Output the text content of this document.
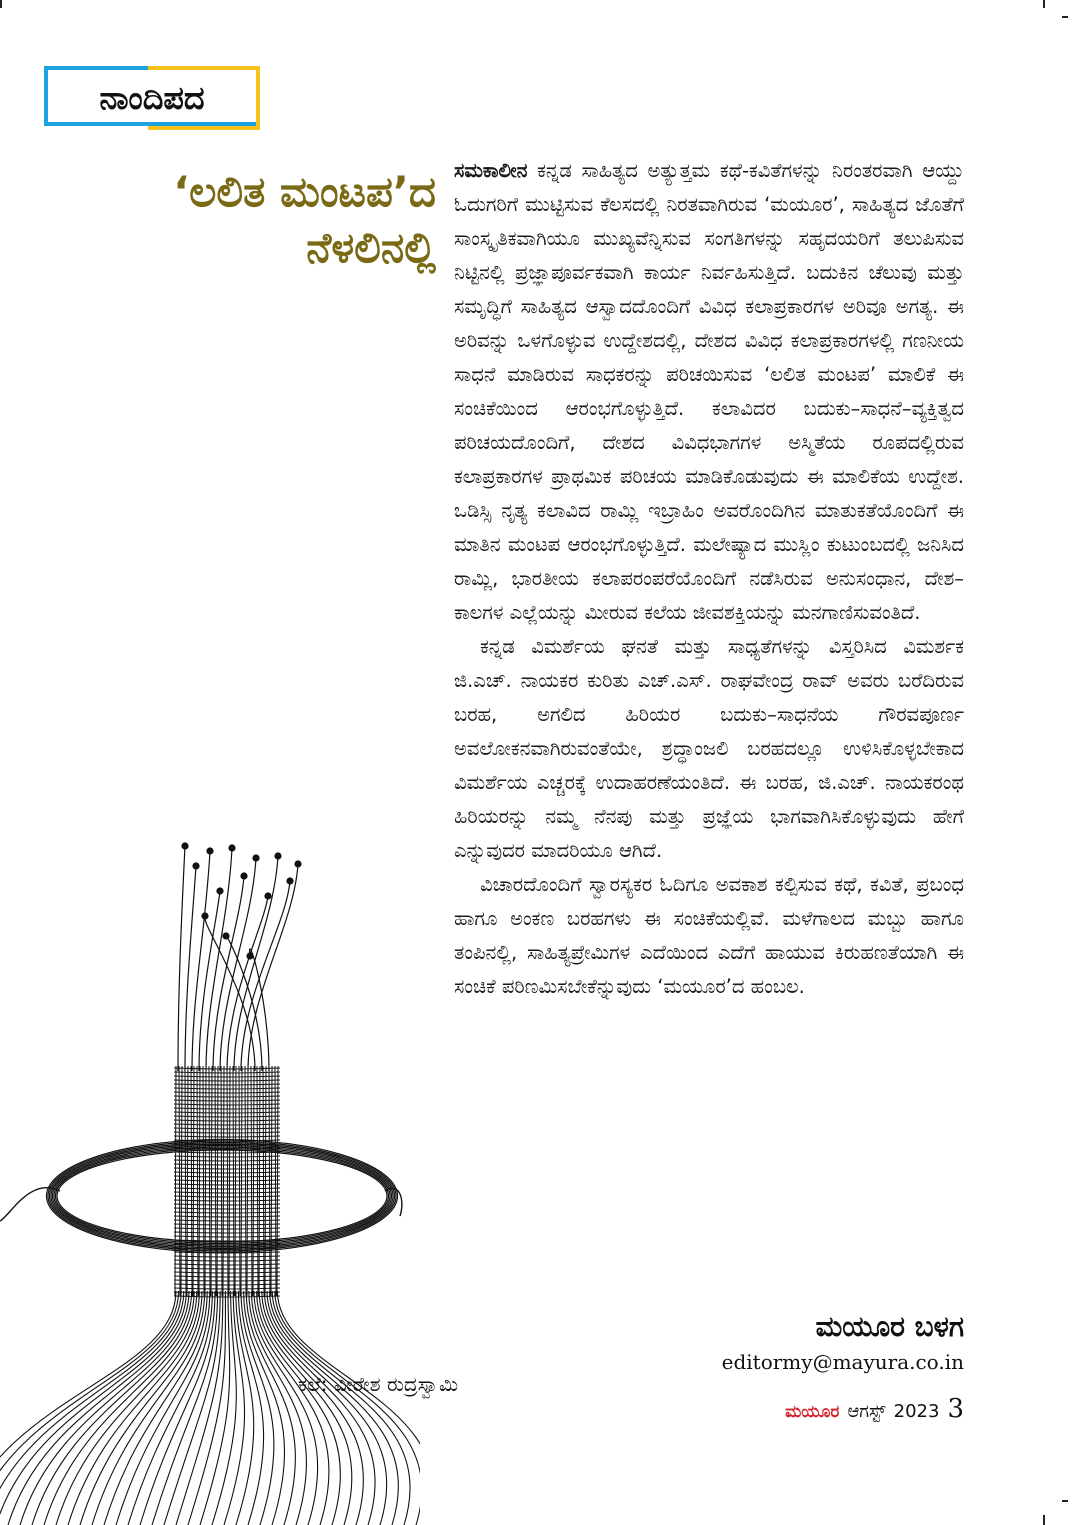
ನಾಂದಿಪದ
‘ಲಲಿತ ಮಂಟಪ’ದ
ನೆಳಲಿನಲ್ಲಿ

ಸಮಕಾಲೀನ ಕನ್ನಡ ಸಾಹಿತ್ಯದ ಅತ್ಯುತ್ತಮ ಕಥೆ-ಕವಿತೆಗಳನ್ನು ನಿರಂತರವಾಗಿ ಆಯ್ದು ಓದುಗರಿಗೆ ಮುಟ್ಟಿಸುವ ಕೆಲಸದಲ್ಲಿ ನಿರತವಾಗಿರುವ ‘ಮಯೂರ’, ಸಾಹಿತ್ಯದ ಜೊತೆಗೆ ಸಾಂಸ್ಕೃತಿಕವಾಗಿಯೂ ಮುಖ್ಯವೆನ್ನಿಸುವ ಸಂಗತಿಗಳನ್ನು ಸಹೃದಯರಿಗೆ ತಲುಪಿಸುವ ನಿಟ್ಟಿನಲ್ಲಿ ಪ್ರಜ್ಞಾಪೂರ್ವಕವಾಗಿ ಕಾರ್ಯ ನಿರ್ವಹಿಸುತ್ತಿದೆ. ಬದುಕಿನ ಚೆಲುವು ಮತ್ತು ಸಮೃದ್ಧಿಗೆ ಸಾಹಿತ್ಯದ ಆಸ್ವಾದದೊಂದಿಗೆ ವಿವಿಧ ಕಲಾಪ್ರಕಾರಗಳ ಅರಿವೂ ಅಗತ್ಯ. ಈ ಅರಿವನ್ನು ಒಳಗೊಳ್ಳುವ ಉದ್ದೇಶದಲ್ಲಿ, ದೇಶದ ವಿವಿಧ ಕಲಾಪ್ರಕಾರಗಳಲ್ಲಿ ಗಣನೀಯ ಸಾಧನೆ ಮಾಡಿರುವ ಸಾಧಕರನ್ನು ಪರಿಚಯಿಸುವ ‘ಲಲಿತ ಮಂಟಪ’ ಮಾಲಿಕೆ ಈ ಸಂಚಿಕೆಯಿಂದ ಆರಂಭಗೊಳ್ಳುತ್ತಿದೆ. ಕಲಾವಿದರ ಬದುಕು–ಸಾಧನೆ–ವ್ಯಕ್ತಿತ್ವದ ಪರಿಚಯದೊಂದಿಗೆ, ದೇಶದ ವಿವಿಧಭಾಗಗಳ ಅಸ್ಮಿತೆಯ ರೂಪದಲ್ಲಿರುವ ಕಲಾಪ್ರಕಾರಗಳ ಪ್ರಾಥಮಿಕ ಪರಿಚಯ ಮಾಡಿಕೊಡುವುದು ಈ ಮಾಲಿಕೆಯ ಉದ್ದೇಶ. ಒಡಿಸ್ಸಿ ನೃತ್ಯ ಕಲಾವಿದ ರಾಮ್ಲಿ ಇಬ್ರಾಹಿಂ ಅವರೊಂದಿಗಿನ ಮಾತುಕತೆಯೊಂದಿಗೆ ಈ ಮಾತಿನ ಮಂಟಪ ಆರಂಭಗೊಳ್ಳುತ್ತಿದೆ. ಮಲೇಷ್ಯಾದ ಮುಸ್ಲಿಂ ಕುಟುಂಬದಲ್ಲಿ ಜನಿಸಿದ ರಾಮ್ಲಿ, ಭಾರತೀಯ ಕಲಾಪರಂಪರೆಯೊಂದಿಗೆ ನಡೆಸಿರುವ ಅನುಸಂಧಾನ, ದೇಶ–ಕಾಲಗಳ ಎಲ್ಲೆಯನ್ನು ಮೀರುವ ಕಲೆಯ ಜೀವಶಕ್ತಿಯನ್ನು ಮನಗಾಣಿಸುವಂತಿದೆ.

ಕನ್ನಡ ವಿಮರ್ಶೆಯ ಘನತೆ ಮತ್ತು ಸಾಧ್ಯತೆಗಳನ್ನು ವಿಸ್ತರಿಸಿದ ವಿಮರ್ಶಕ ಜಿ.ಎಚ್. ನಾಯಕರ ಕುರಿತು ಎಚ್.ಎಸ್. ರಾಘವೇಂದ್ರ ರಾವ್ ಅವರು ಬರೆದಿರುವ ಬರಹ, ಅಗಲಿದ ಹಿರಿಯರ ಬದುಕು–ಸಾಧನೆಯ ಗೌರವಪೂರ್ಣ ಅವಲೋಕನವಾಗಿರುವಂತೆಯೇ, ಶ್ರದ್ಧಾಂಜಲಿ ಬರಹದಲ್ಲೂ ಉಳಿಸಿಕೊಳ್ಳಬೇಕಾದ ವಿಮರ್ಶೆಯ ಎಚ್ಚರಕ್ಕೆ ಉದಾಹರಣೆಯಂತಿದೆ. ಈ ಬರಹ, ಜಿ.ಎಚ್. ನಾಯಕರಂಥ ಹಿರಿಯರನ್ನು ನಮ್ಮ ನೆನಪು ಮತ್ತು ಪ್ರಜ್ಞೆಯ ಭಾಗವಾಗಿಸಿಕೊಳ್ಳುವುದು ಹೇಗೆ ಎನ್ನುವುದರ ಮಾದರಿಯೂ ಆಗಿದೆ.

ವಿಚಾರದೊಂದಿಗೆ ಸ್ವಾರಸ್ಯಕರ ಓದಿಗೂ ಅವಕಾಶ ಕಲ್ಪಿಸುವ ಕಥೆ, ಕವಿತೆ, ಪ್ರಬಂಧ ಹಾಗೂ ಅಂಕಣ ಬರಹಗಳು ಈ ಸಂಚಿಕೆಯಲ್ಲಿವೆ. ಮಳೆಗಾಲದ ಮಬ್ಬು ಹಾಗೂ ತಂಪಿನಲ್ಲಿ, ಸಾಹಿತ್ಯಪ್ರೇಮಿಗಳ ಎದೆಯಿಂದ ಎದೆಗೆ ಹಾಯುವ ಕಿರುಹಣತೆಯಾಗಿ ಈ ಸಂಚಿಕೆ ಪರಿಣಮಿಸಬೇಕೆನ್ನುವುದು ‘ಮಯೂರ’ದ ಹಂಬಲ.

ಮಯೂರ ಬಳಗ
editormy@mayura.co.in
ಕಲೆ: ವೀರೇಶ ರುದ್ರಸ್ವಾಮಿ
ಮಯೂರ ಆಗಸ್ಟ್ 2023 3
